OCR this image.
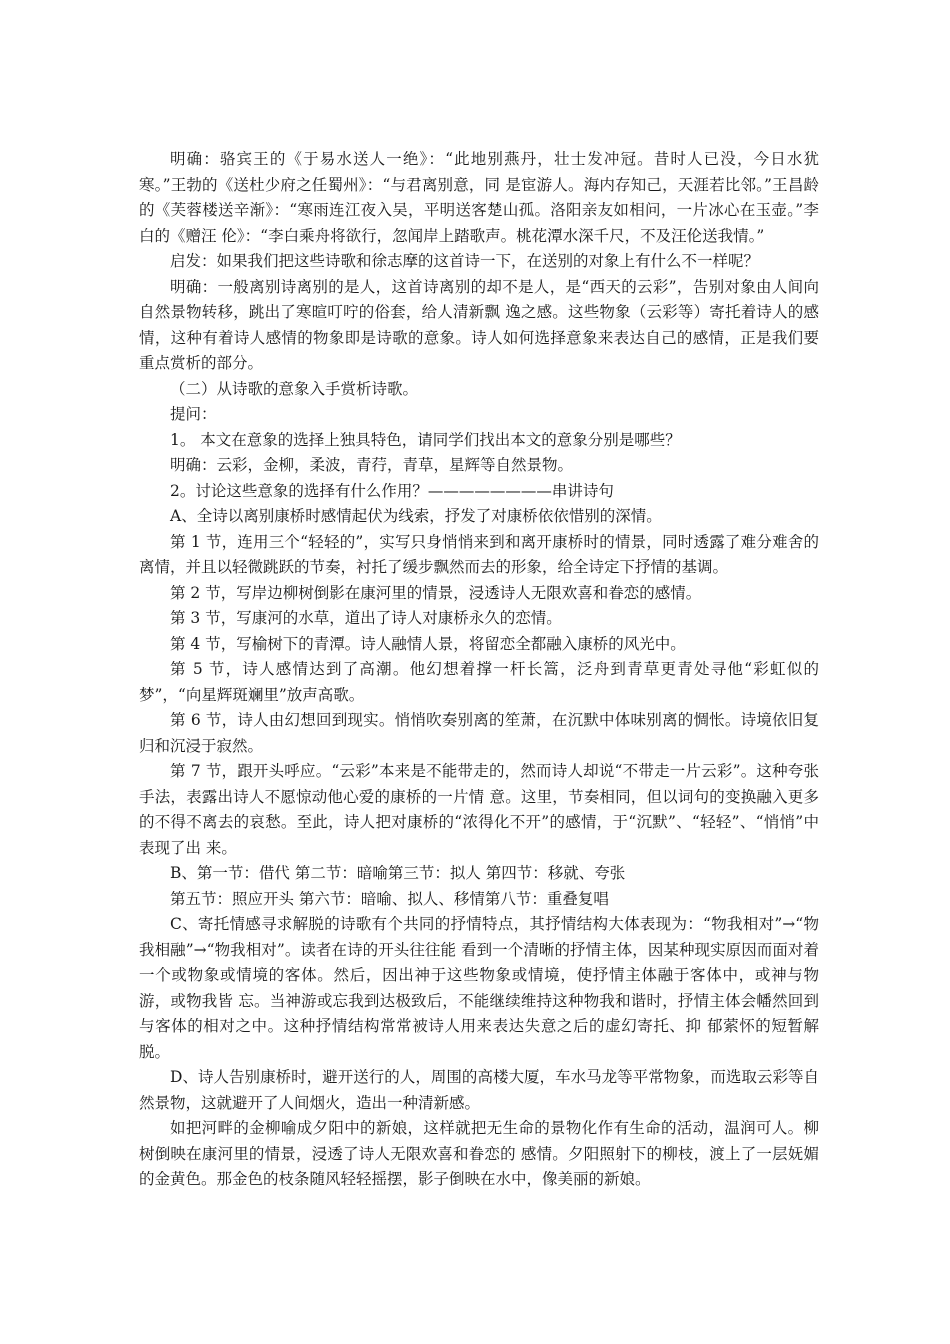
明确：骆宾王的《于易水送人一绝》：“此地别燕丹，壮士发冲冠。昔时人已没，今日水犹寒。”王勃的《送杜少府之任蜀州》：“与君离别意，同 是宦游人。海内存知己，天涯若比邻。”王昌龄的《芙蓉楼送辛渐》：“寒雨连江夜入吴，平明送客楚山孤。洛阳亲友如相问，一片冰心在玉壶。”李白的《赠汪 伦》：“李白乘舟将欲行，忽闻岸上踏歌声。桃花潭水深千尺，不及汪伦送我情。”

启发：如果我们把这些诗歌和徐志摩的这首诗一下，在送别的对象上有什么不一样呢？

明确：一般离别诗离别的是人，这首诗离别的却不是人，是“西天的云彩”，告别对象由人间向自然景物转移，跳出了寒暄叮咛的俗套，给人清新飘 逸之感。这些物象（云彩等）寄托着诗人的感情，这种有着诗人感情的物象即是诗歌的意象。诗人如何选择意象来表达自己的感情，正是我们要重点赏析的部分。

（二）从诗歌的意象入手赏析诗歌。

提问：

1。 本文在意象的选择上独具特色，请同学们找出本文的意象分别是哪些？

明确：云彩，金柳，柔波，青荇，青草，星辉等自然景物。

2。讨论这些意象的选择有什么作用？————————串讲诗句

A、全诗以离别康桥时感情起伏为线索，抒发了对康桥依依惜别的深情。

第 1 节，连用三个“轻轻的”，实写只身悄悄来到和离开康桥时的情景，同时透露了难分难舍的离情，并且以轻微跳跃的节奏，衬托了缓步飘然而去的形象，给全诗定下抒情的基调。

第 2 节，写岸边柳树倒影在康河里的情景，浸透诗人无限欢喜和眷恋的感情。

第 3 节，写康河的水草，道出了诗人对康桥永久的恋情。

第 4 节，写榆树下的青潭。诗人融情人景，将留恋全都融入康桥的风光中。

第 5 节，诗人感情达到了高潮。他幻想着撑一杆长篙，泛舟到青草更青处寻他“彩虹似的梦”，“向星辉斑斓里”放声高歌。

第 6 节，诗人由幻想回到现实。悄悄吹奏别离的笙萧，在沉默中体味别离的惆怅。诗境依旧复归和沉浸于寂然。

第 7 节，跟开头呼应。“云彩”本来是不能带走的，然而诗人却说“不带走一片云彩”。这种夸张手法，表露出诗人不愿惊动他心爱的康桥的一片情 意。这里，节奏相同，但以词句的变换融入更多的不得不离去的哀愁。至此，诗人把对康桥的“浓得化不开”的感情，于“沉默”、“轻轻”、“悄悄”中表现了出 来。

B、第一节：借代 第二节：暗喻第三节：拟人 第四节：移就、夸张

第五节：照应开头 第六节：暗喻、拟人、移情第八节：重叠复唱

C、寄托情感寻求解脱的诗歌有个共同的抒情特点，其抒情结构大体表现为：“物我相对”→“物我相融”→“物我相对”。读者在诗的开头往往能 看到一个清晰的抒情主体，因某种现实原因而面对着一个或物象或情境的客体。然后，因出神于这些物象或情境，使抒情主体融于客体中，或神与物游，或物我皆 忘。当神游或忘我到达极致后，不能继续维持这种物我和谐时，抒情主体会幡然回到与客体的相对之中。这种抒情结构常常被诗人用来表达失意之后的虚幻寄托、抑 郁萦怀的短暂解脱。

D、诗人告别康桥时，避开送行的人，周围的高楼大厦，车水马龙等平常物象，而选取云彩等自然景物，这就避开了人间烟火，造出一种清新感。

如把河畔的金柳喻成夕阳中的新娘，这样就把无生命的景物化作有生命的活动，温润可人。柳树倒映在康河里的情景，浸透了诗人无限欢喜和眷恋的 感情。夕阳照射下的柳枝，渡上了一层妩媚的金黄色。那金色的枝条随风轻轻摇摆，影子倒映在水中，像美丽的新娘。
